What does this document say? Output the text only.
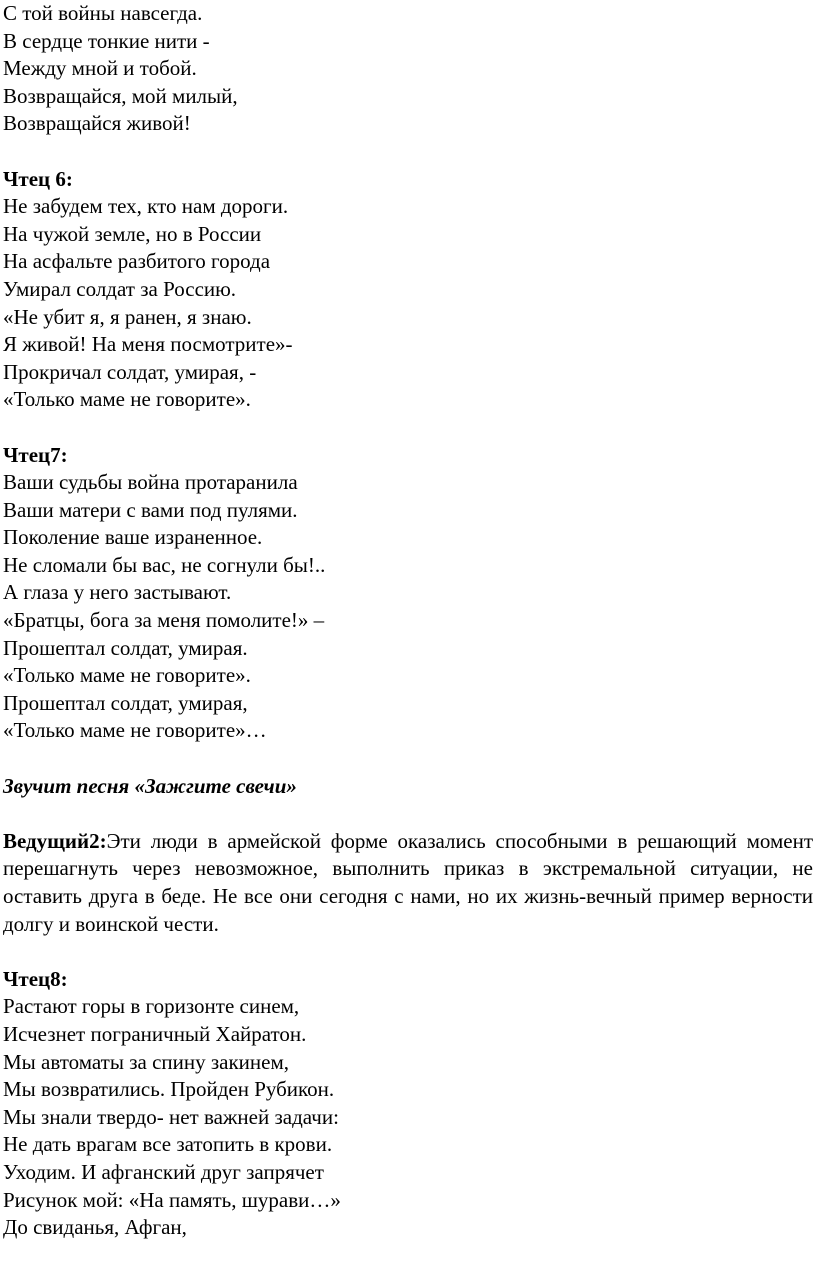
С той войны навсегда.

В сердце тонкие нити -

Между мной и тобой.

Возвращайся, мой милый,

Возвращайся живой!

Чтец 6:

Не забудем тех, кто нам дороги.

На чужой земле, но в России

На асфальте разбитого города

Умирал солдат за Россию.

«Не убит я, я ранен, я знаю.

Я живой! На меня посмотрите»-

Прокричал солдат, умирая, -

«Только маме не говорите».

Чтец7:

Ваши судьбы война протаранила

Ваши матери с вами под пулями.

Поколение ваше израненное.

Не сломали бы вас, не согнули бы!..

А глаза у него застывают.

«Братцы, бога за меня помолите!» –

Прошептал солдат, умирая.

«Только маме не говорите».

Прошептал солдат, умирая,

«Только маме не говорите»…

Звучит песня «Зажгите свечи»

Ведущий2:Эти люди в армейской форме оказались способными в решающий момент перешагнуть через невозможное, выполнить приказ в экстремальной ситуации, не оставить друга в беде. Не все они сегодня с нами, но их жизнь-вечный пример верности долгу и воинской чести.

Чтец8:

Растают горы в горизонте синем,

Исчезнет пограничный Хайратон.

Мы автоматы за спину закинем,

Мы возвратились. Пройден Рубикон.

Мы знали твердо- нет важней задачи:

Не дать врагам все затопить в крови.

Уходим. И афганский друг запрячет

Рисунок мой: «На память, шурави…»

До свиданья, Афган,
